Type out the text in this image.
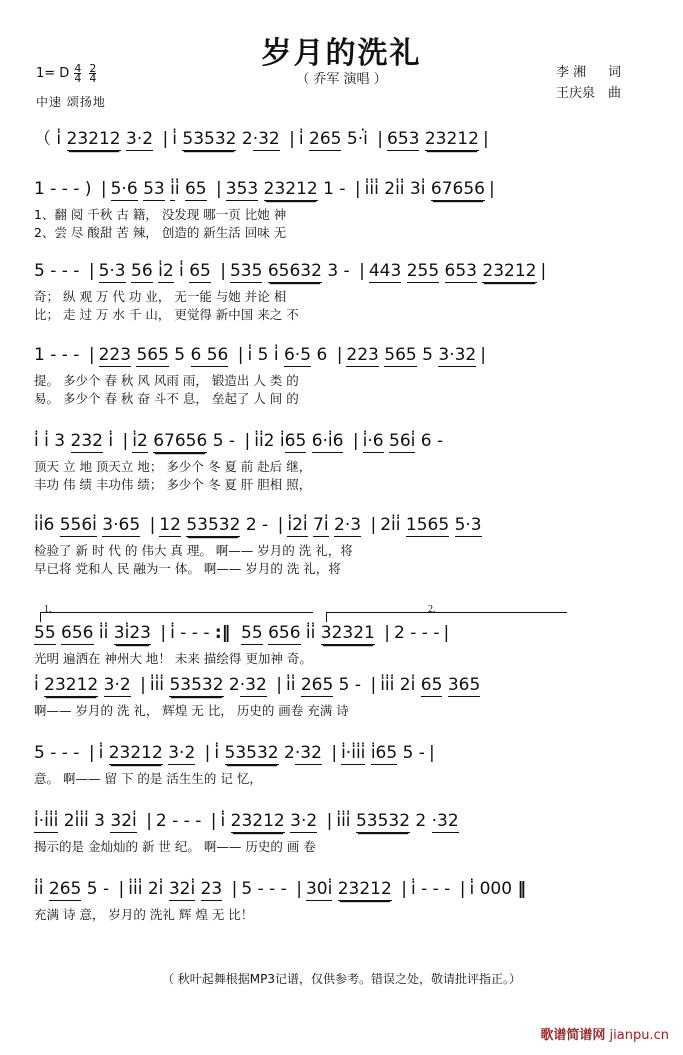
岁月的洗礼
（ 乔军 演唱 ）	李 湘 词
王庆泉 曲
1= D $\frac{4}{4} \frac{2}{4}$
中速 颂扬地
（ i · 23212 3·2 | i · 53532 2·32 | i · 265 5·i · | 653 23212 |
1 - - - ) | 5·6 53 i ·i · 65 | 353 23212 1 - | i ·i ·i · 2i ·i · 3i · 67656 |
1、翻 阅 千秋 古 籍， 没发现 哪一页 比她 神
2、尝 尽 酸甜 苦 辣， 创造的 新生活 回味 无
5 - - - | 5·3 56 i ·2 i · 65 | 535 65632 3 - | 443 255 653 23212 |
奇； 纵 观 万 代 功 业， 无一能 与她 并论 相
比； 走 过 万 水 千 山， 更觉得 新中国 来之 不
1 - - - | 223 565 5 6 56 | i · 5 i · 6·5 6 | 223 565 5 3·32 |
提。 多少个 春 秋 风 风雨 雨， 锻造出 人 类 的
易。 多少个 春 秋 奋 斗不 息， 垒起了 人 间 的
i · i · 3 232 i · | i ·2 67656 5 - | i ·i ·2 i ·65 6·i ·6 | i ··6 56i · 6 -
顶天 立 地 顶天立 地； 多少个 冬 夏 前 赴后 继，
丰功 伟 绩 丰功伟 绩； 多少个 冬 夏 肝 胆相 照，
i ·i ·6 556i · 3·65 | 12 53532 2 - | i ·2i · 7i · 2·3 | 2i ·i · 1565 5·3
检验了 新 时 代 的 伟大 真 理。 啊—— 岁月的 洗 礼，将
早已将 党和人 民 融为一 体。 啊—— 岁月的 洗 礼，将
1.	2.
55 656 i ·i · 3i ·23 | i · - - - :‖ 55 656 i ·i · 32321 | 2 - - - |
光明 遍洒在 神州大 地！ 未来 描绘得 更加神 奇。
i · 23212 3·2 | i ·i ·i · 53532 2·32 | i ·i · 265 5 - | i ·i ·i · 2i · 65 365
啊—— 岁月的 洗 礼， 辉煌 无 比， 历史的 画卷 充满 诗
5 - - - | i · 23212 3·2 | i · 53532 2·32 | i ··i ·i ·i · i ·65 5 - |
意。 啊—— 留 下 的是 活生生的 记 忆，
i ··i ·i ·i · 2i ·i ·i · 3 32i · | 2 - - - | i · 23212 3·2 | i ·i ·i · 53532 2 ·32
揭示的是 金灿灿的 新 世 纪。 啊—— 历史的 画 卷
i ·i · 265 5 - | i ·i ·i · 2i · 32i · 23 | 5 - - - | 30i · 23212 | i · - - - | i · 000 ‖
充满 诗 意， 岁月的 洗礼 辉 煌 无 比！
（ 秋叶起舞根据MP3记谱，仅供参考。错误之处，敬请批评指正。）
歌谱简谱网 jianpu.cn
